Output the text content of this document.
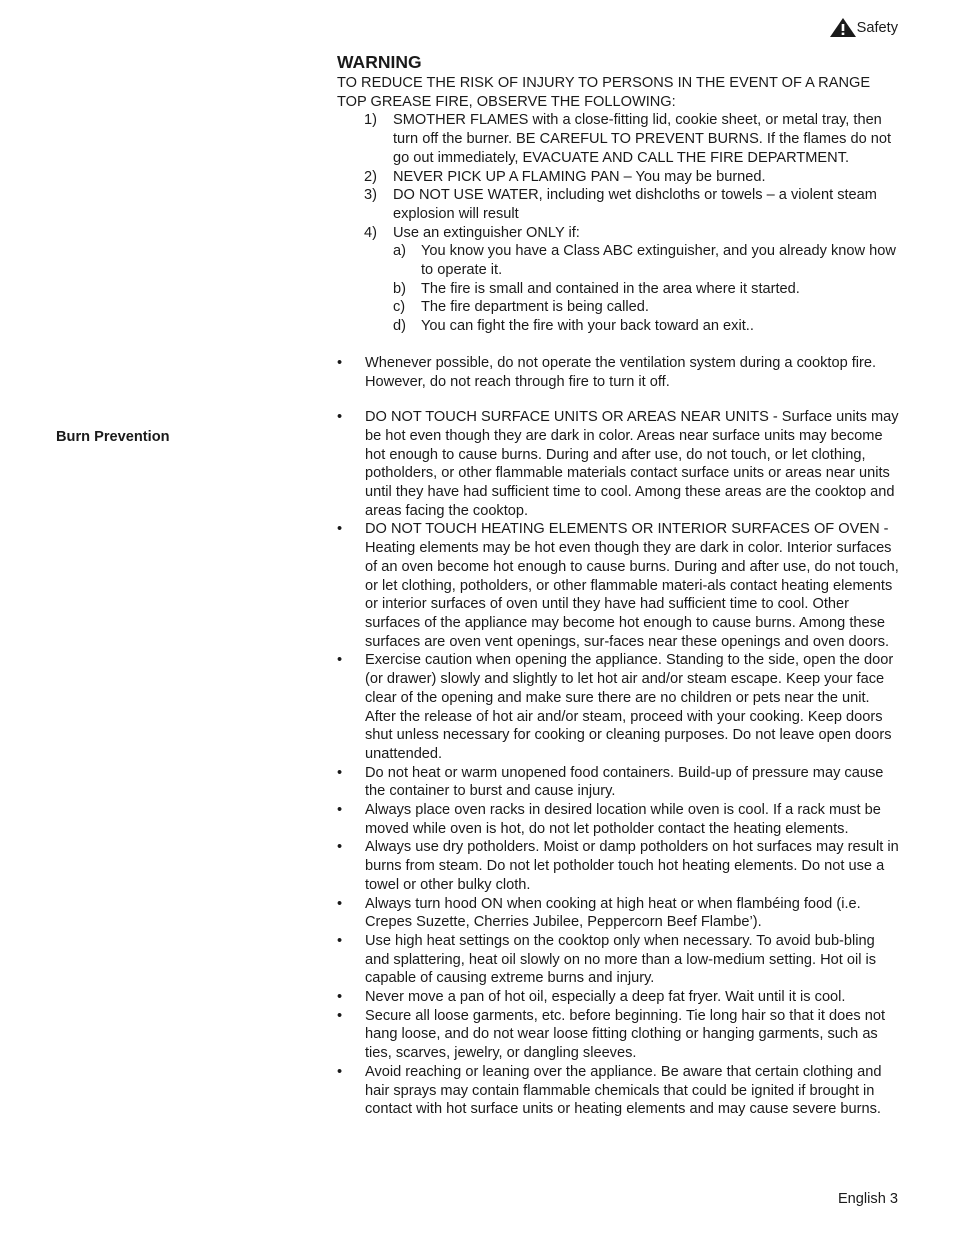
Safety
Burn Prevention
WARNING

TO REDUCE THE RISK OF INJURY TO PERSONS IN THE EVENT OF A RANGE TOP GREASE FIRE, OBSERVE THE FOLLOWING:

1)	SMOTHER FLAMES with a close-fitting lid, cookie sheet, or metal tray, then turn off the burner. BE CAREFUL TO PREVENT BURNS. If the flames do not go out immediately, EVACUATE AND CALL THE FIRE DEPARTMENT.
2)	NEVER PICK UP A FLAMING PAN – You may be burned.
3)	DO NOT USE WATER, including wet dishcloths or towels – a violent steam explosion will result
4)	Use an extinguisher ONLY if:
a)	You know you have a Class ABC extinguisher, and you already know how to operate it.
b)	The fire is small and contained in the area where it started.
c)	The fire department is being called.
d)	You can fight the fire with your back toward an exit..
•	Whenever possible, do not operate the ventilation system during a cooktop fire. However, do not reach through fire to turn it off.
•	DO NOT TOUCH SURFACE UNITS OR AREAS NEAR UNITS - Surface units may be hot even though they are dark in color. Areas near surface units may become hot enough to cause burns. During and after use, do not touch, or let clothing, potholders, or other flammable materials contact surface units or areas near units until they have had sufficient time to cool. Among these areas are the cooktop and areas facing the cooktop.
•	DO NOT TOUCH HEATING ELEMENTS OR INTERIOR SURFACES OF OVEN - Heating elements may be hot even though they are dark in color. Interior surfaces of an oven become hot enough to cause burns. During and after use, do not touch, or let clothing, potholders, or other flammable materi-als contact heating elements or interior surfaces of oven until they have had sufficient time to cool. Other surfaces of the appliance may become hot enough to cause burns. Among these surfaces are oven vent openings, sur-faces near these openings and oven doors.
•	Exercise caution when opening the appliance. Standing to the side, open the door (or drawer) slowly and slightly to let hot air and/or steam escape. Keep your face clear of the opening and make sure there are no children or pets near the unit. After the release of hot air and/or steam, proceed with your cooking. Keep doors shut unless necessary for cooking or cleaning purposes. Do not leave open doors unattended.
•	Do not heat or warm unopened food containers. Build-up of pressure may cause the container to burst and cause injury.
•	Always place oven racks in desired location while oven is cool. If a rack must be moved while oven is hot, do not let potholder contact the heating elements.
•	Always use dry potholders. Moist or damp potholders on hot surfaces may result in burns from steam. Do not let potholder touch hot heating elements. Do not use a towel or other bulky cloth.
•	Always turn hood ON when cooking at high heat or when flambéing food (i.e. Crepes Suzette, Cherries Jubilee, Peppercorn Beef Flambe’).
•	Use high heat settings on the cooktop only when necessary. To avoid bub-bling and splattering, heat oil slowly on no more than a low-medium setting. Hot oil is capable of causing extreme burns and injury.
•	Never move a pan of hot oil, especially a deep fat fryer. Wait until it is cool.
•	Secure all loose garments, etc. before beginning. Tie long hair so that it does not hang loose, and do not wear loose fitting clothing or hanging garments, such as ties, scarves, jewelry, or dangling sleeves.
•	Avoid reaching or leaning over the appliance. Be aware that certain clothing and hair sprays may contain flammable chemicals that could be ignited if brought in contact with hot surface units or heating elements and may cause severe burns.
English 3
